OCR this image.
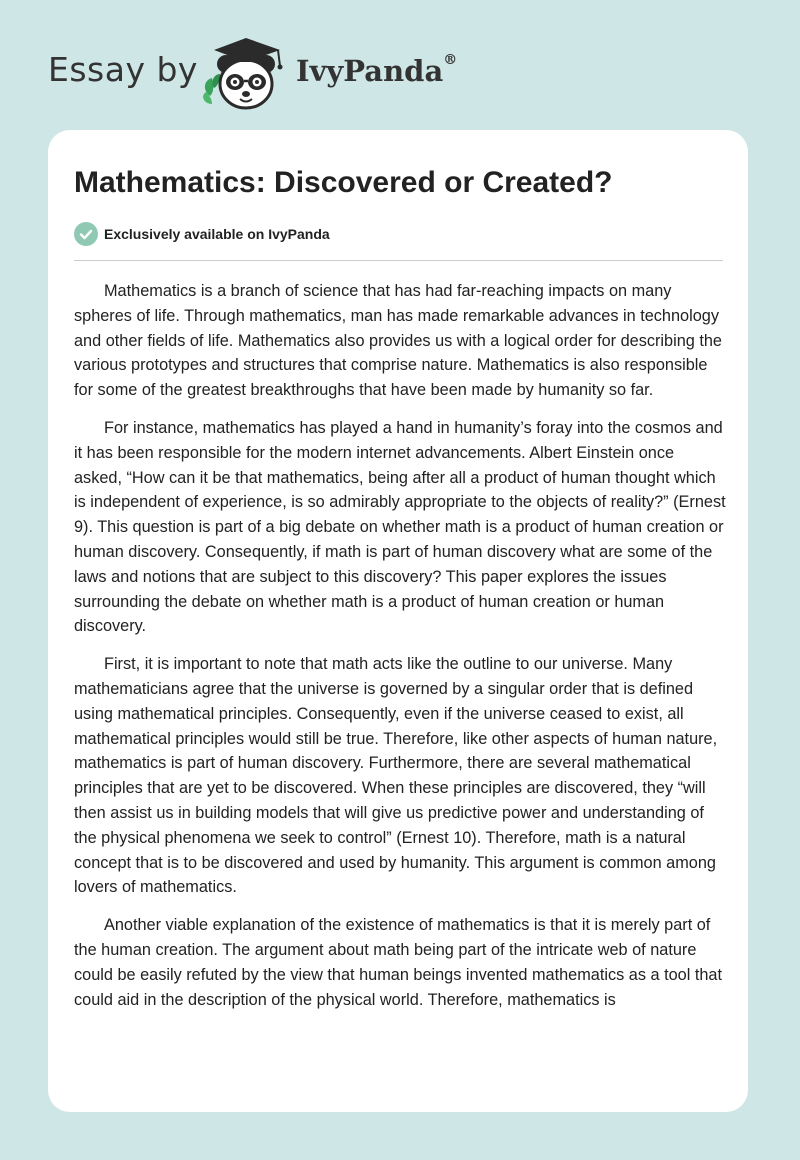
Essay by	IvyPanda®
Mathematics: Discovered or Created?
Exclusively available on IvyPanda

Mathematics is a branch of science that has had far-reaching impacts on many spheres of life. Through mathematics, man has made remarkable advances in technology and other fields of life. Mathematics also provides us with a logical order for describing the various prototypes and structures that comprise nature. Mathematics is also responsible for some of the greatest breakthroughs that have been made by humanity so far.

For instance, mathematics has played a hand in humanity’s foray into the cosmos and it has been responsible for the modern internet advancements. Albert Einstein once asked, “How can it be that mathematics, being after all a product of human thought which is independent of experience, is so admirably appropriate to the objects of reality?” (Ernest 9). This question is part of a big debate on whether math is a product of human creation or human discovery. Consequently, if math is part of human discovery what are some of the laws and notions that are subject to this discovery? This paper explores the issues surrounding the debate on whether math is a product of human creation or human discovery.

First, it is important to note that math acts like the outline to our universe. Many mathematicians agree that the universe is governed by a singular order that is defined using mathematical principles. Consequently, even if the universe ceased to exist, all mathematical principles would still be true. Therefore, like other aspects of human nature, mathematics is part of human discovery. Furthermore, there are several mathematical principles that are yet to be discovered. When these principles are discovered, they “will then assist us in building models that will give us predictive power and understanding of the physical phenomena we seek to control” (Ernest 10). Therefore, math is a natural concept that is to be discovered and used by humanity. This argument is common among lovers of mathematics.

Another viable explanation of the existence of mathematics is that it is merely part of the human creation. The argument about math being part of the intricate web of nature could be easily refuted by the view that human beings invented mathematics as a tool that could aid in the description of the physical world. Therefore, mathematics is
